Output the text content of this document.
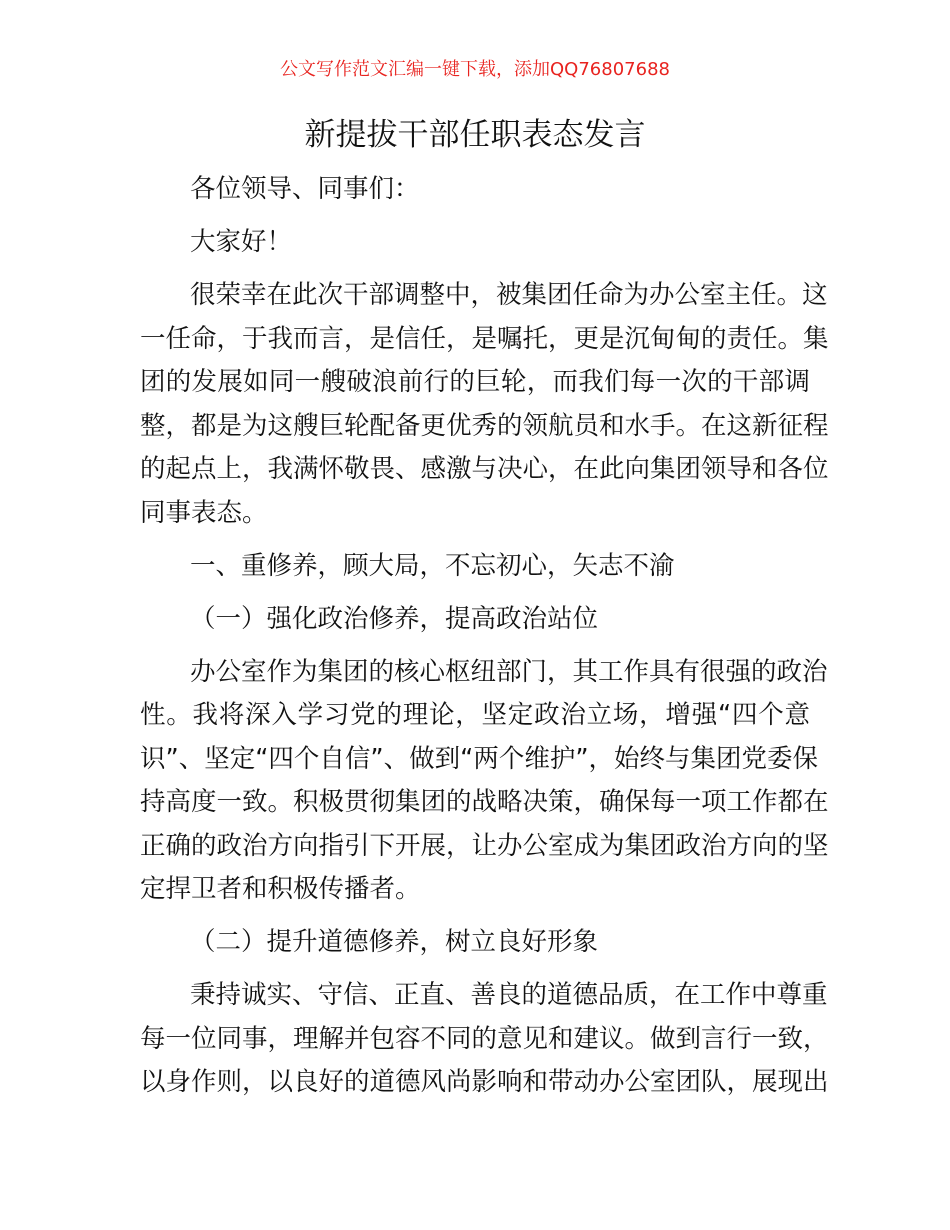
公文写作范文汇编一键下载，添加QQ76807688
新提拔干部任职表态发言
各位领导、同事们：
大家好！
很荣幸在此次干部调整中，被集团任命为办公室主任。这
一任命，于我而言，是信任，是嘱托，更是沉甸甸的责任。集
团的发展如同一艘破浪前行的巨轮，而我们每一次的干部调
整，都是为这艘巨轮配备更优秀的领航员和水手。在这新征程
的起点上，我满怀敬畏、感激与决心，在此向集团领导和各位
同事表态。
一、重修养，顾大局，不忘初心，矢志不渝
（一）强化政治修养，提高政治站位
办公室作为集团的核心枢纽部门，其工作具有很强的政治
性。我将深入学习党的理论，坚定政治立场，增强“四个意
识”、坚定“四个自信”、做到“两个维护”，始终与集团党委保
持高度一致。积极贯彻集团的战略决策，确保每一项工作都在
正确的政治方向指引下开展，让办公室成为集团政治方向的坚
定捍卫者和积极传播者。
（二）提升道德修养，树立良好形象
秉持诚实、守信、正直、善良的道德品质，在工作中尊重
每一位同事，理解并包容不同的意见和建议。做到言行一致，
以身作则，以良好的道德风尚影响和带动办公室团队，展现出
